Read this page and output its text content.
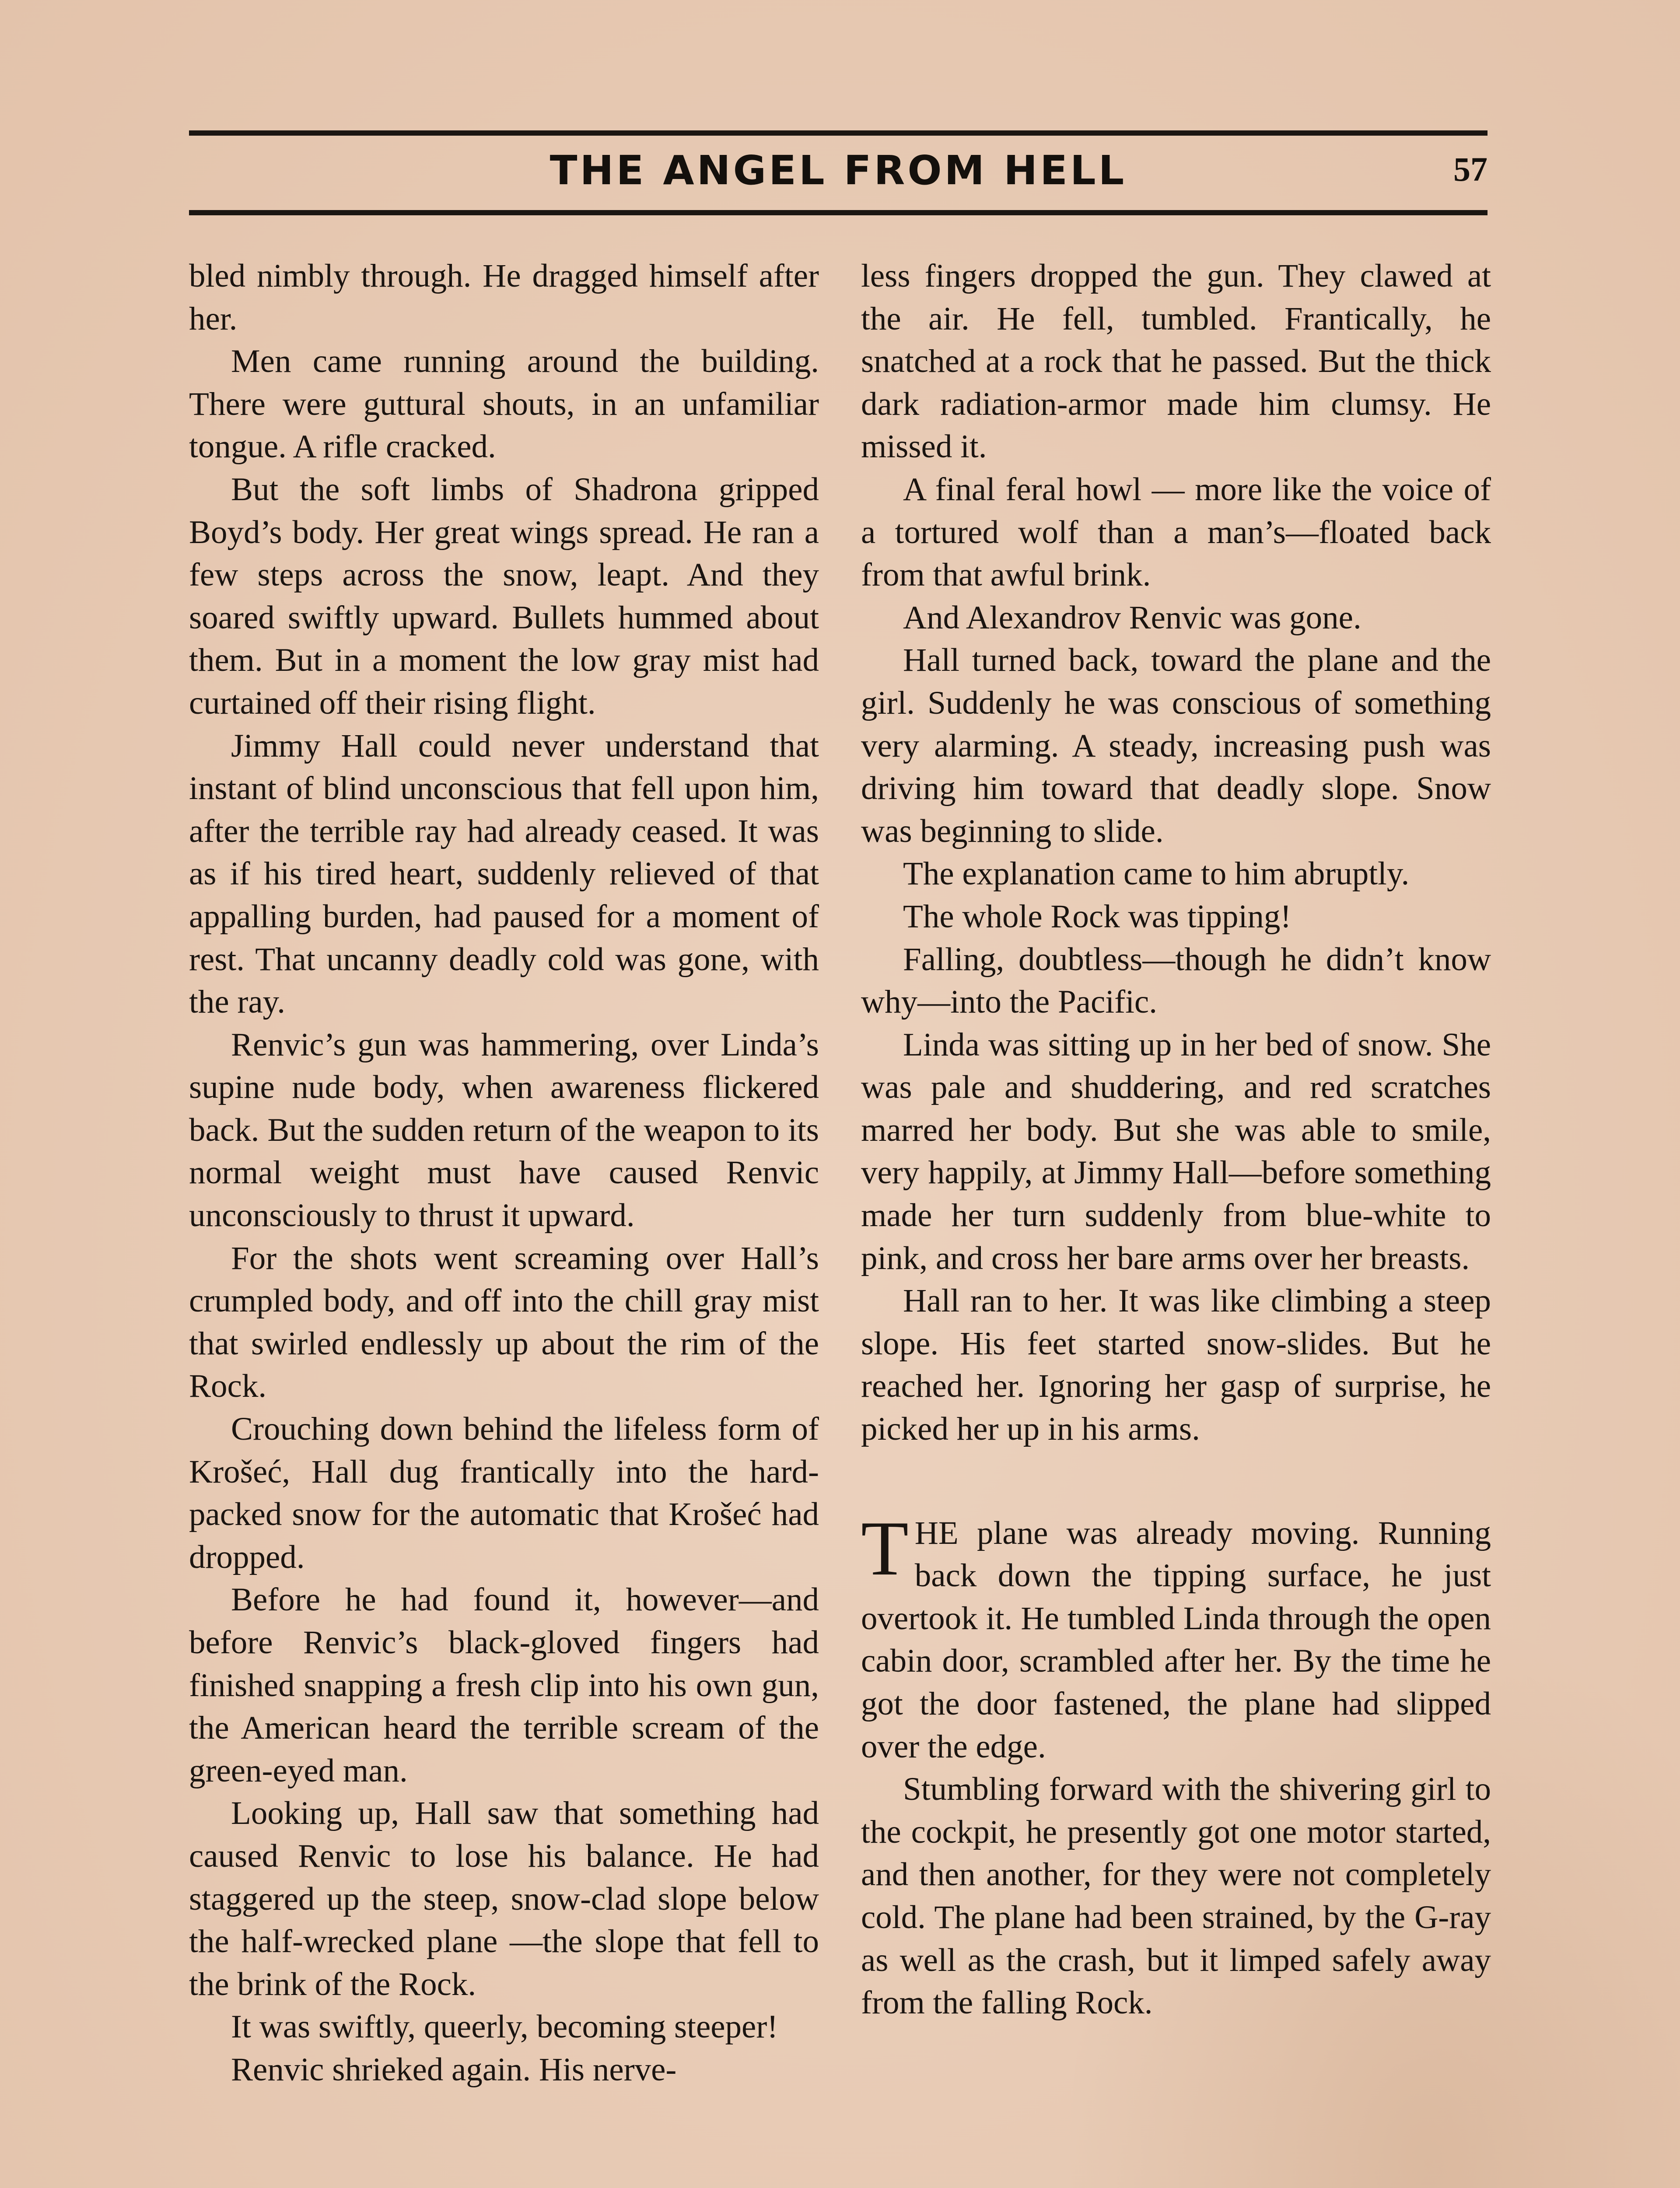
THE ANGEL FROM HELL	57

bled nimbly through. He dragged himself after her.

Men came running around the building. There were guttural shouts, in an unfamiliar tongue. A rifle cracked.

But the soft limbs of Shadrona gripped Boyd’s body. Her great wings spread. He ran a few steps across the snow, leapt. And they soared swiftly upward. Bullets hummed about them. But in a moment the low gray mist had curtained off their rising flight.

Jimmy Hall could never understand that instant of blind unconscious that fell upon him, after the terrible ray had already ceased. It was as if his tired heart, suddenly relieved of that appalling burden, had paused for a moment of rest. That uncanny deadly cold was gone, with the ray.

Renvic’s gun was hammering, over Linda’s supine nude body, when awareness flickered back. But the sudden return of the weapon to its normal weight must have caused Renvic unconsciously to thrust it upward.

For the shots went screaming over Hall’s crumpled body, and off into the chill gray mist that swirled endlessly up about the rim of the Rock.

Crouching down behind the lifeless form of Krošeć, Hall dug frantically into the hard-packed snow for the automatic that Krošeć had dropped.

Before he had found it, however—and before Renvic’s black-gloved fingers had finished snapping a fresh clip into his own gun, the American heard the terrible scream of the green-eyed man.

Looking up, Hall saw that something had caused Renvic to lose his balance. He had staggered up the steep, snow-clad slope below the half-wrecked plane —the slope that fell to the brink of the Rock.

It was swiftly, queerly, becoming steeper!

Renvic shrieked again. His nerve-

less fingers dropped the gun. They clawed at the air. He fell, tumbled. Frantically, he snatched at a rock that he passed. But the thick dark radiation-armor made him clumsy. He missed it.

A final feral howl — more like the voice of a tortured wolf than a man’s—floated back from that awful brink.

And Alexandrov Renvic was gone.

Hall turned back, toward the plane and the girl. Suddenly he was conscious of something very alarming. A steady, increasing push was driving him toward that deadly slope. Snow was beginning to slide.

The explanation came to him abruptly.

The whole Rock was tipping!

Falling, doubtless—though he didn’t know why—into the Pacific.

Linda was sitting up in her bed of snow. She was pale and shuddering, and red scratches marred her body. But she was able to smile, very happily, at Jimmy Hall—before something made her turn suddenly from blue-white to pink, and cross her bare arms over her breasts.

Hall ran to her. It was like climbing a steep slope. His feet started snow-slides. But he reached her. Ignoring her gasp of surprise, he picked her up in his arms.

THE plane was already moving. Running back down the tipping surface, he just overtook it. He tumbled Linda through the open cabin door, scrambled after her. By the time he got the door fastened, the plane had slipped over the edge.

Stumbling forward with the shivering girl to the cockpit, he presently got one motor started, and then another, for they were not completely cold. The plane had been strained, by the G-ray as well as the crash, but it limped safely away from the falling Rock.
